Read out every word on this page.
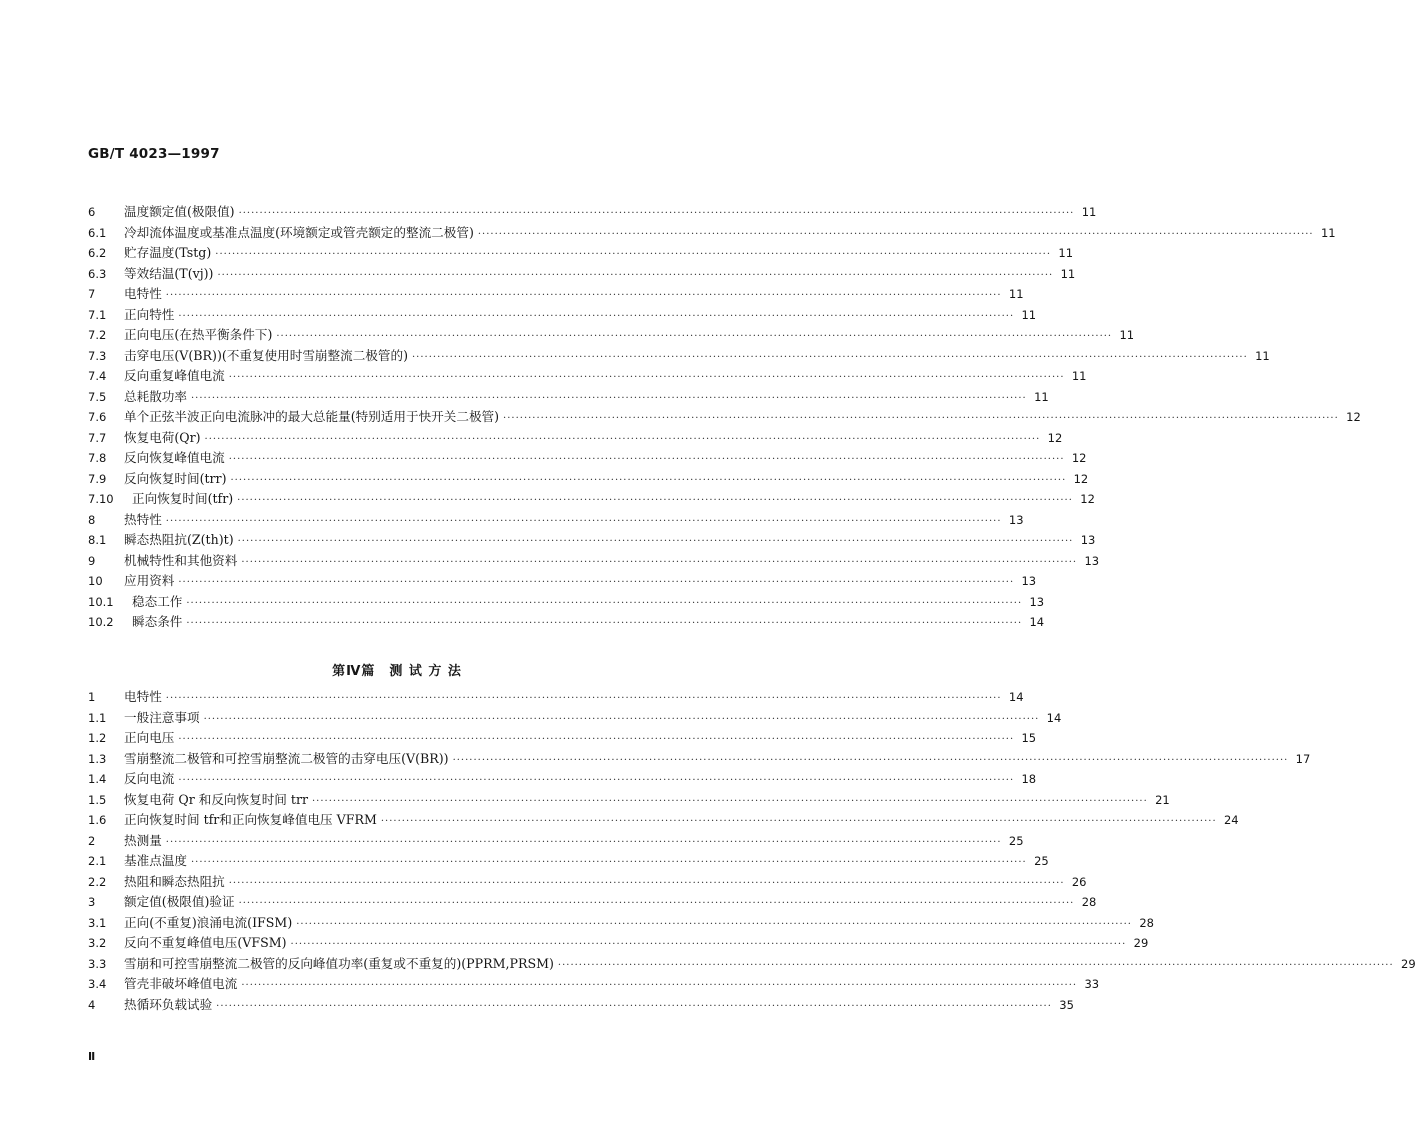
GB/T 4023—1997
6	温度额定值(极限值) ········································································································································································································ 11
6.1	冷却流体温度或基准点温度(环境额定或管壳额定的整流二极管) ········································································································································································································ 11
6.2	贮存温度(Tstg) ········································································································································································································ 11
6.3	等效结温(T(vj)) ········································································································································································································ 11
7	电特性 ········································································································································································································ 11
7.1	正向特性 ········································································································································································································ 11
7.2	正向电压(在热平衡条件下) ········································································································································································································ 11
7.3	击穿电压(V(BR))(不重复使用时雪崩整流二极管的) ········································································································································································································ 11
7.4	反向重复峰值电流 ········································································································································································································ 11
7.5	总耗散功率 ········································································································································································································ 11
7.6	单个正弦半波正向电流脉冲的最大总能量(特别适用于快开关二极管) ········································································································································································································ 12
7.7	恢复电荷(Qr) ········································································································································································································ 12
7.8	反向恢复峰值电流 ········································································································································································································ 12
7.9	反向恢复时间(trr) ········································································································································································································ 12
7.10	正向恢复时间(tfr) ········································································································································································································ 12
8	热特性 ········································································································································································································ 13
8.1	瞬态热阻抗(Z(th)t) ········································································································································································································ 13
9	机械特性和其他资料 ········································································································································································································ 13
10	应用资料 ········································································································································································································ 13
10.1	稳态工作 ········································································································································································································ 13
10.2	瞬态条件 ········································································································································································································ 14
第Ⅳ篇　测 试 方 法
1	电特性 ········································································································································································································ 14
1.1	一般注意事项 ········································································································································································································ 14
1.2	正向电压 ········································································································································································································ 15
1.3	雪崩整流二极管和可控雪崩整流二极管的击穿电压(V(BR)) ········································································································································································································ 17
1.4	反向电流 ········································································································································································································ 18
1.5	恢复电荷 Qr 和反向恢复时间 trr ········································································································································································································ 21
1.6	正向恢复时间 tfr和正向恢复峰值电压 VFRM ········································································································································································································ 24
2	热测量 ········································································································································································································ 25
2.1	基准点温度 ········································································································································································································ 25
2.2	热阻和瞬态热阻抗 ········································································································································································································ 26
3	额定值(极限值)验证 ········································································································································································································ 28
3.1	正向(不重复)浪涌电流(IFSM) ········································································································································································································ 28
3.2	反向不重复峰值电压(VFSM) ········································································································································································································ 29
3.3	雪崩和可控雪崩整流二极管的反向峰值功率(重复或不重复的)(PPRM,PRSM) ········································································································································································································ 29
3.4	管壳非破坏峰值电流 ········································································································································································································ 33
4	热循环负载试验 ········································································································································································································ 35
Ⅱ
